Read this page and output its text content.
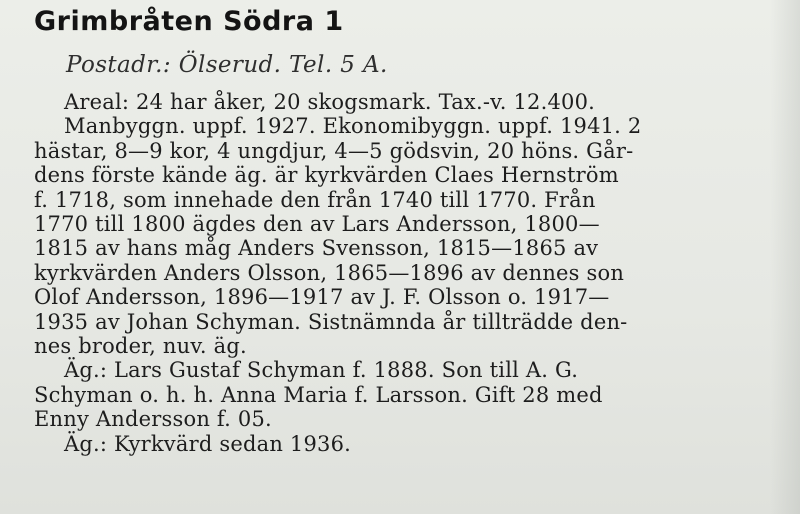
Grimbråten Södra 1

Postadr.: Ölserud. Tel. 5 A.

Areal: 24 har åker, 20 skogsmark. Tax.-v. 12.400.
Manbyggn. uppf. 1927. Ekonomibyggn. uppf. 1941. 2
hästar, 8—9 kor, 4 ungdjur, 4—5 gödsvin, 20 höns. Går-
dens förste kände äg. är kyrkvärden Claes Hernström
f. 1718, som innehade den från 1740 till 1770. Från
1770 till 1800 ägdes den av Lars Andersson, 1800—
1815 av hans måg Anders Svensson, 1815—1865 av
kyrkvärden Anders Olsson, 1865—1896 av dennes son
Olof Andersson, 1896—1917 av J. F. Olsson o. 1917—
1935 av Johan Schyman. Sistnämnda år tillträdde den-
nes broder, nuv. äg.
Äg.: Lars Gustaf Schyman f. 1888. Son till A. G.
Schyman o. h. h. Anna Maria f. Larsson. Gift 28 med
Enny Andersson f. 05.
Äg.: Kyrkvärd sedan 1936.
